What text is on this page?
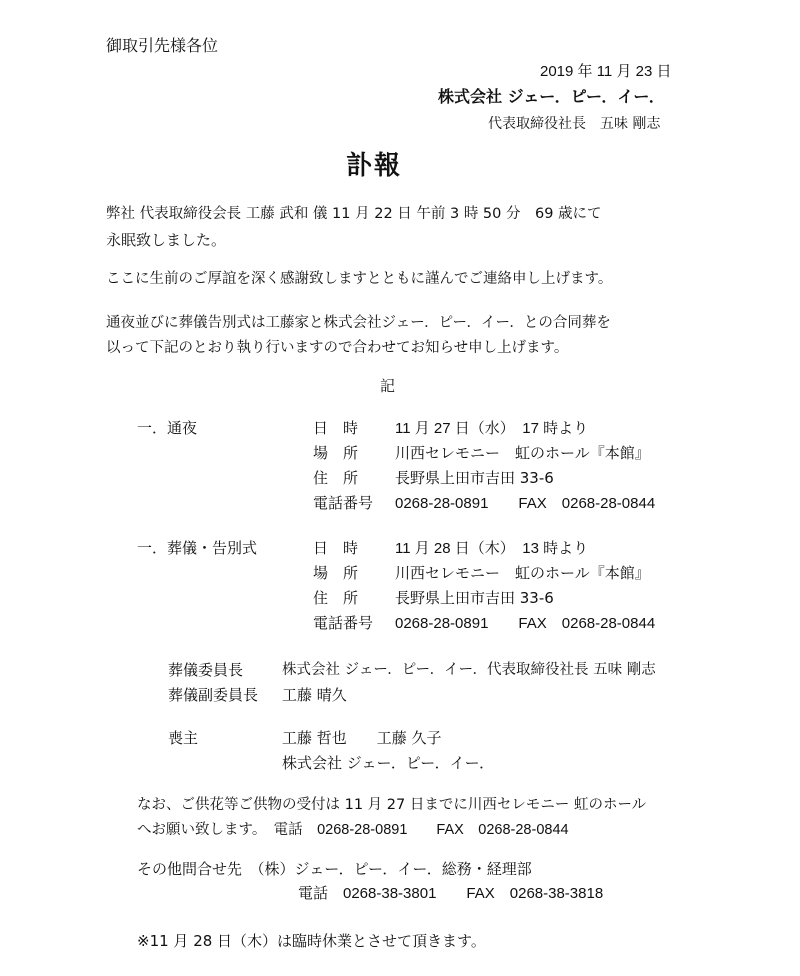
御取引先様各位
2019 年 11 月 23 日
株式会社 ジェー．ピー．イー．
代表取締役社長　五味 剛志
訃報
弊社 代表取締役会長 工藤 武和 儀 11 月 22 日 午前 3 時 50 分　69 歳にて
永眠致しました。
ここに生前のご厚誼を深く感謝致しますとともに謹んでご連絡申し上げます。
通夜並びに葬儀告別式は工藤家と株式会社ジェー．ピー．イー．との合同葬を
以って下記のとおり執り行いますので合わせてお知らせ申し上げます。
記
一．通夜	日　時 11 月 27 日（水）　17 時より
場　所 川西セレモニー　虹のホール『本館』
住　所 長野県上田市吉田 33-6
電話番号 0268-28-0891　　FAX　0268-28-0844
一．葬儀・告別式	日　時 11 月 28 日（木）　13 時より
場　所 川西セレモニー　虹のホール『本館』
住　所 長野県上田市吉田 33-6
電話番号 0268-28-0891　　FAX　0268-28-0844
葬儀委員長	株式会社 ジェー．ピー．イー．代表取締役社長 五味 剛志
葬儀副委員長 工藤 晴久
喪主	工藤 哲也　　工藤 久子
株式会社 ジェー．ピー．イー．
なお、ご供花等ご供物の受付は 11 月 27 日までに川西セレモニー 虹のホール
へお願い致します。　電話　0268-28-0891　　FAX　0268-28-0844
その他問合せ先　（株）ジェー．ピー．イー．総務・経理部
電話　0268-38-3801　　FAX　0268-38-3818
※11 月 28 日（木）は臨時休業とさせて頂きます。
